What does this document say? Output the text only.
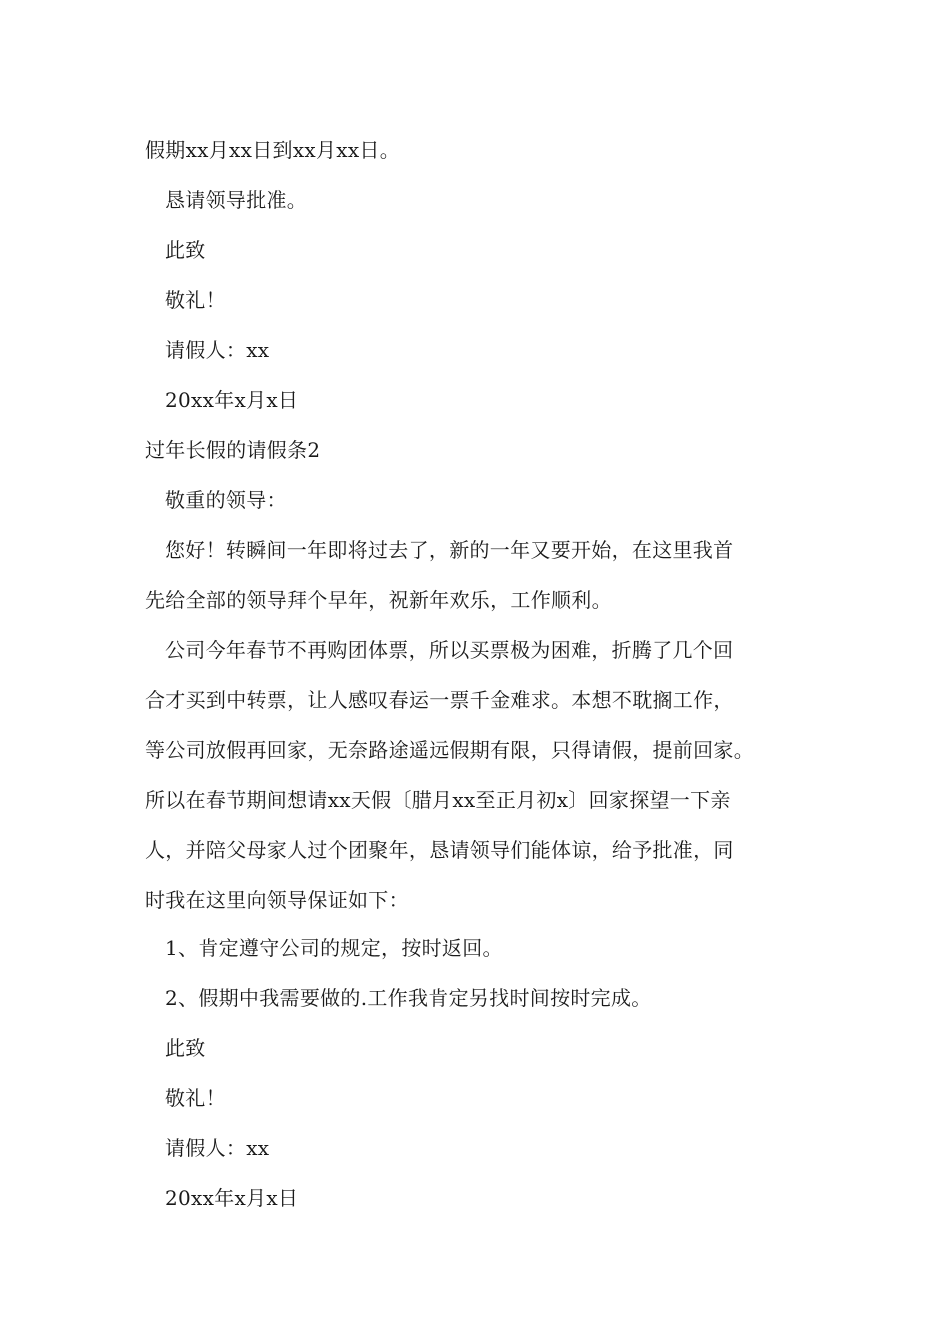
假期xx月xx日到xx月xx日。
恳请领导批准。
此致
敬礼！
请假人：xx
20xx年x月x日
过年长假的请假条2
敬重的领导：
您好！转瞬间一年即将过去了，新的一年又要开始，在这里我首
先给全部的领导拜个早年，祝新年欢乐，工作顺利。
公司今年春节不再购团体票，所以买票极为困难，折腾了几个回
合才买到中转票，让人感叹春运一票千金难求。本想不耽搁工作，
等公司放假再回家，无奈路途遥远假期有限，只得请假，提前回家。
所以在春节期间想请xx天假〔腊月xx至正月初x〕回家探望一下亲
人，并陪父母家人过个团聚年，恳请领导们能体谅，给予批准，同
时我在这里向领导保证如下：
1、肯定遵守公司的规定，按时返回。
2、假期中我需要做的.工作我肯定另找时间按时完成。
此致
敬礼！
请假人：xx
20xx年x月x日
